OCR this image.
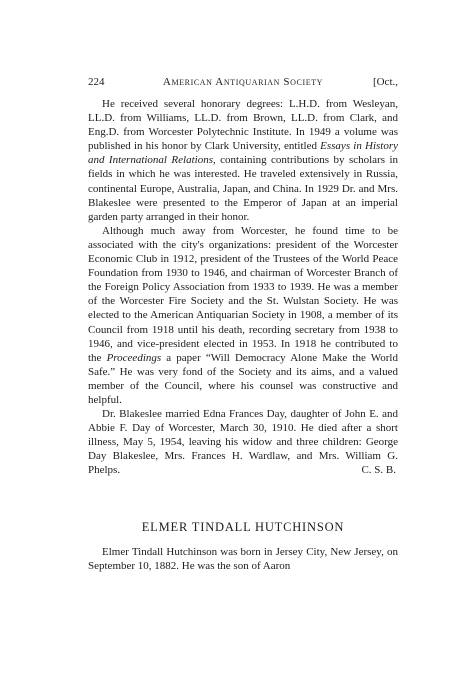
224	American Antiquarian Society	[Oct.,

He received several honorary degrees: L.H.D. from Wesleyan, LL.D. from Williams, LL.D. from Brown, LL.D. from Clark, and Eng.D. from Worcester Polytechnic Institute. In 1949 a volume was published in his honor by Clark University, entitled Essays in History and International Relations, containing contributions by scholars in fields in which he was interested. He traveled extensively in Russia, continental Europe, Australia, Japan, and China. In 1929 Dr. and Mrs. Blakeslee were presented to the Emperor of Japan at an imperial garden party arranged in their honor.

Although much away from Worcester, he found time to be associated with the city's organizations: president of the Worcester Economic Club in 1912, president of the Trustees of the World Peace Foundation from 1930 to 1946, and chairman of Worcester Branch of the Foreign Policy Association from 1933 to 1939. He was a member of the Worcester Fire Society and the St. Wulstan Society. He was elected to the American Antiquarian Society in 1908, a member of its Council from 1918 until his death, recording secretary from 1938 to 1946, and vice-president elected in 1953. In 1918 he contributed to the Proceedings a paper “Will Democracy Alone Make the World Safe.” He was very fond of the Society and its aims, and a valued member of the Council, where his counsel was constructive and helpful.

Dr. Blakeslee married Edna Frances Day, daughter of John E. and Abbie F. Day of Worcester, March 30, 1910. He died after a short illness, May 5, 1954, leaving his widow and three children: George Day Blakeslee, Mrs. Frances H. Wardlaw, and Mrs. William G. Phelps.	C. S. B.

ELMER TINDALL HUTCHINSON

Elmer Tindall Hutchinson was born in Jersey City, New Jersey, on September 10, 1882. He was the son of Aaron
